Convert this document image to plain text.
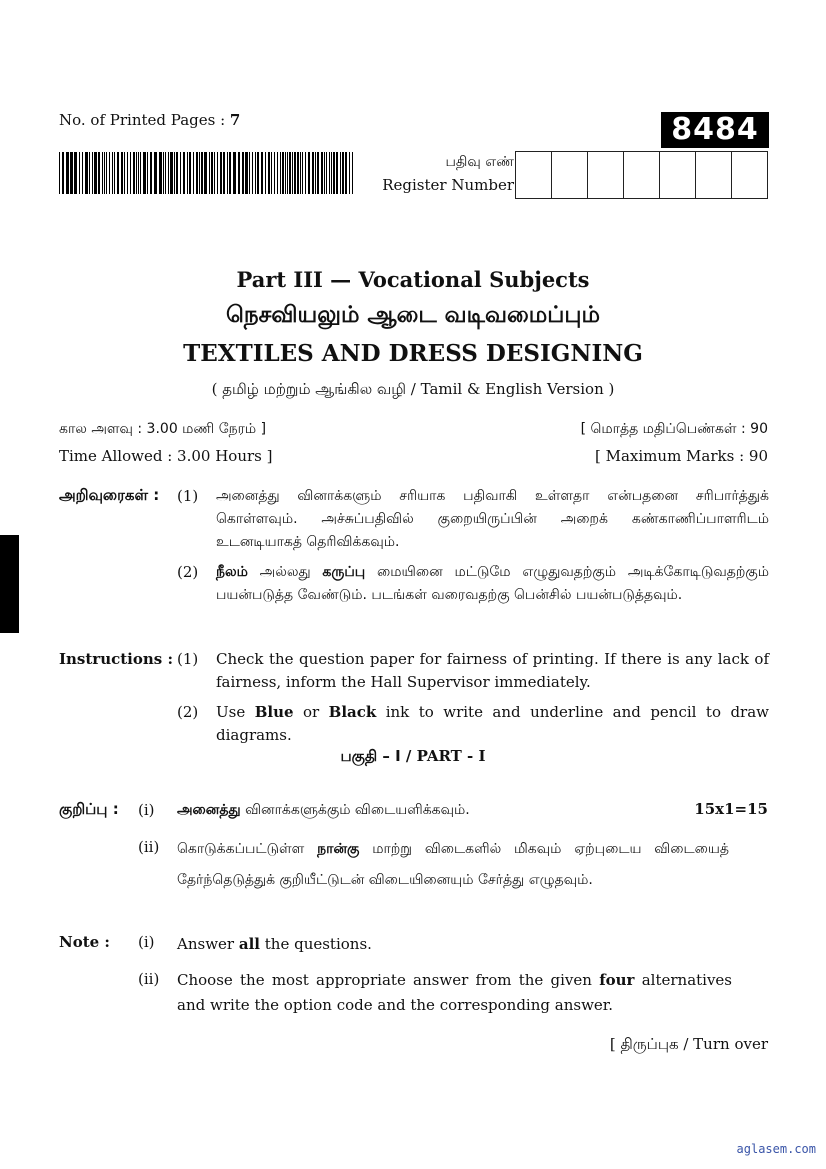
No. of Printed Pages : 7	8484
பதிவு எண்
Register Number
Part III — Vocational Subjects
நெசவியலும் ஆடை வடிவமைப்பும்
TEXTILES AND DRESS DESIGNING
( தமிழ் மற்றும் ஆங்கில வழி / Tamil & English Version )
கால அளவு : 3.00 மணி நேரம் ]
Time Allowed : 3.00 Hours ]
[ மொத்த மதிப்பெண்கள் : 90
[ Maximum Marks : 90
அறிவுரைகள் : (1) அனைத்து வினாக்களும் சரியாக பதிவாகி உள்ளதா என்பதனை சரிபார்த்துக் கொள்ளவும். அச்சுப்பதிவில் குறையிருப்பின் அறைக் கண்காணிப்பாளரிடம் உடனடியாகத் தெரிவிக்கவும்.
(2) நீலம் அல்லது கருப்பு மையினை மட்டுமே எழுதுவதற்கும் அடிக்கோடிடுவதற்கும் பயன்படுத்த வேண்டும். படங்கள் வரைவதற்கு பென்சில் பயன்படுத்தவும்.
Instructions : (1) Check the question paper for fairness of printing. If there is any lack of fairness, inform the Hall Supervisor immediately.
(2) Use Blue or Black ink to write and underline and pencil to draw diagrams.
பகுதி – I / PART - I
குறிப்பு : (i) அனைத்து வினாக்களுக்கும் விடையளிக்கவும்.	15x1=15
(ii) கொடுக்கப்பட்டுள்ள நான்கு மாற்று விடைகளில் மிகவும் ஏற்புடைய விடையைத் தேர்ந்தெடுத்துக் குறியீட்டுடன் விடையினையும் சேர்த்து எழுதவும்.
Note : (i) Answer all the questions.
(ii) Choose the most appropriate answer from the given four alternatives and write the option code and the corresponding answer.
[ திருப்புக / Turn over
aglasem.com
